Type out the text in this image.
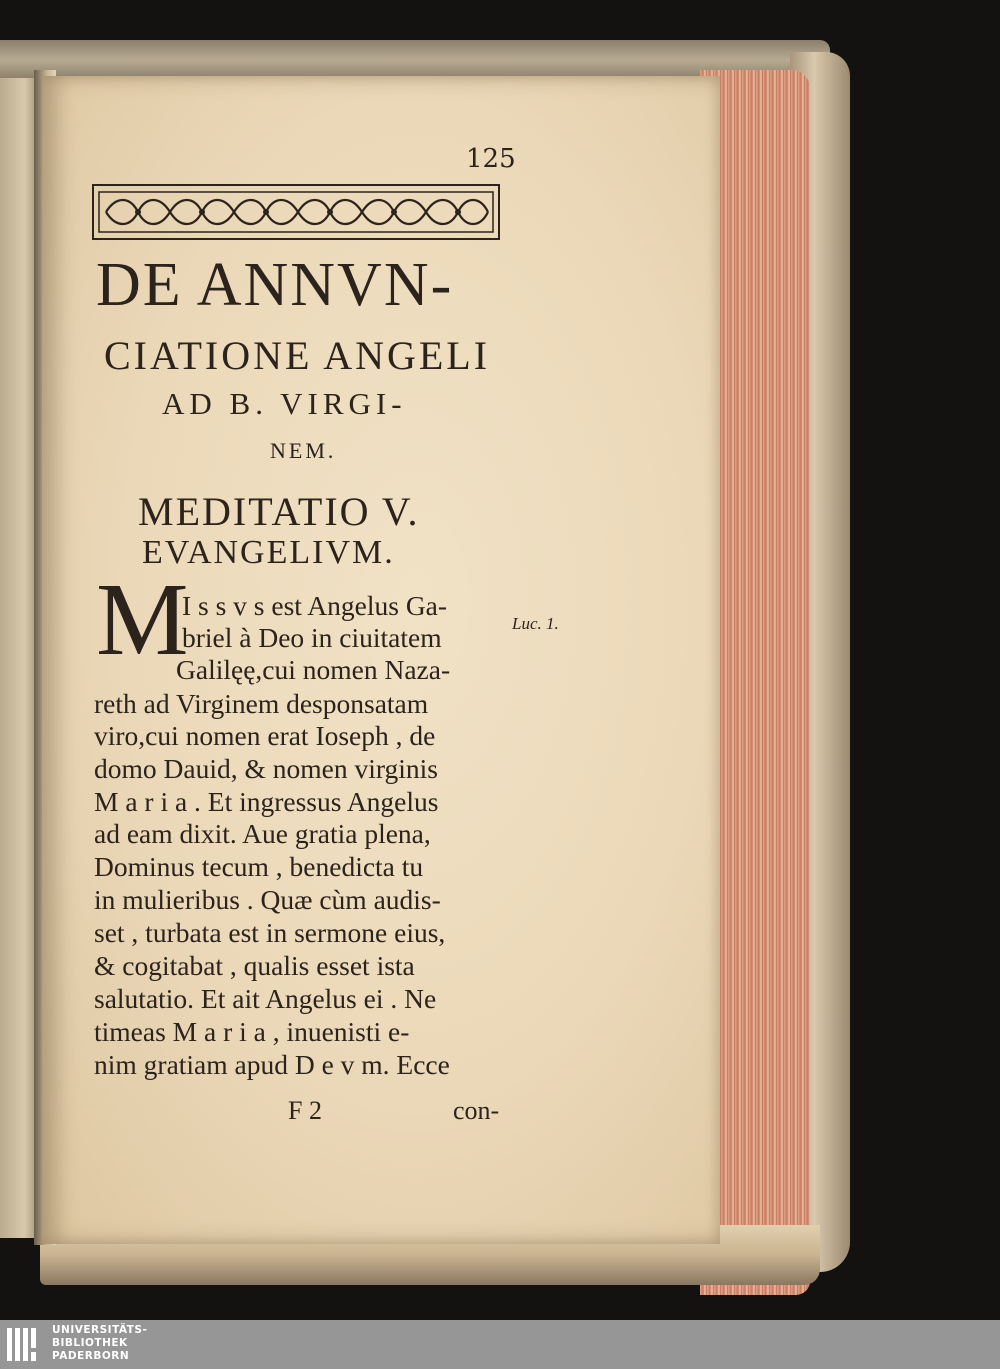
125
DE ANNVN-
CIATIONE ANGELI
AD B. VIRGI-
NEM.
MEDITATIO V.
EVANGELIVM.
M
I s s v s est Angelus Ga-
briel à Deo in ciuitatem
Galilęę,cui nomen Naza-
reth ad Virginem desponsatam
viro,cui nomen erat Ioseph , de
domo Dauid, & nomen virginis
M a r i a . Et ingressus Angelus
ad eam dixit. Aue gratia plena,
Dominus tecum , benedicta tu
in mulieribus . Quæ cùm audis-
set , turbata est in sermone eius,
& cogitabat , qualis esset ista
salutatio. Et ait Angelus ei . Ne
timeas M a r i a , inuenisti e-
nim gratiam apud D e v m. Ecce
Luc. 1.
F 2	con-
UNIVERSITÄTS-
BIBLIOTHEK
PADERBORN
